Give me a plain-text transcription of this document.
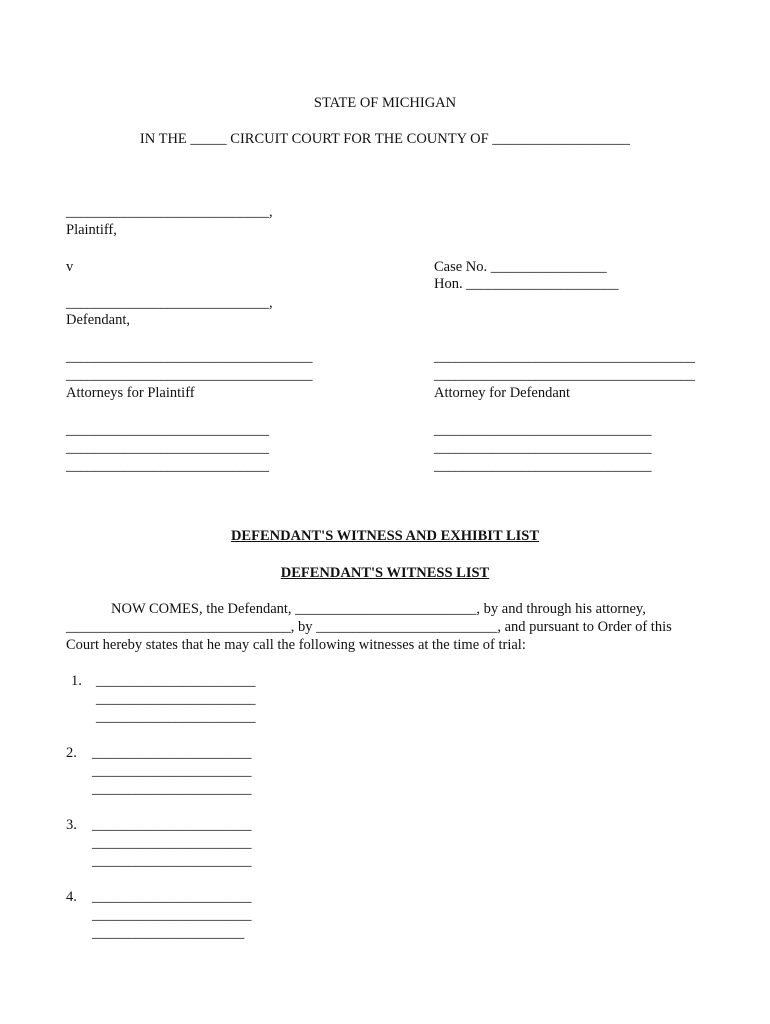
STATE OF MICHIGAN
IN THE _____ CIRCUIT COURT FOR THE COUNTY OF ___________________
____________________________,
Plaintiff,
v	Case No. ________________
Hon. _____________________
____________________________,
Defendant,
__________________________________
__________________________________
Attorneys for Plaintiff
____________________________________
____________________________________
Attorney for Defendant
____________________________
____________________________
____________________________
______________________________
______________________________
______________________________
DEFENDANT'S WITNESS AND EXHIBIT LIST
DEFENDANT'S WITNESS LIST
NOW COMES, the Defendant, _________________________, by and through his attorney,
_______________________________, by _________________________, and pursuant to Order of this
Court hereby states that he may call the following witnesses at the time of trial:
1. ______________________
______________________
______________________
2. ______________________
______________________
______________________
3. ______________________
______________________
______________________
4. ______________________
______________________
_____________________
